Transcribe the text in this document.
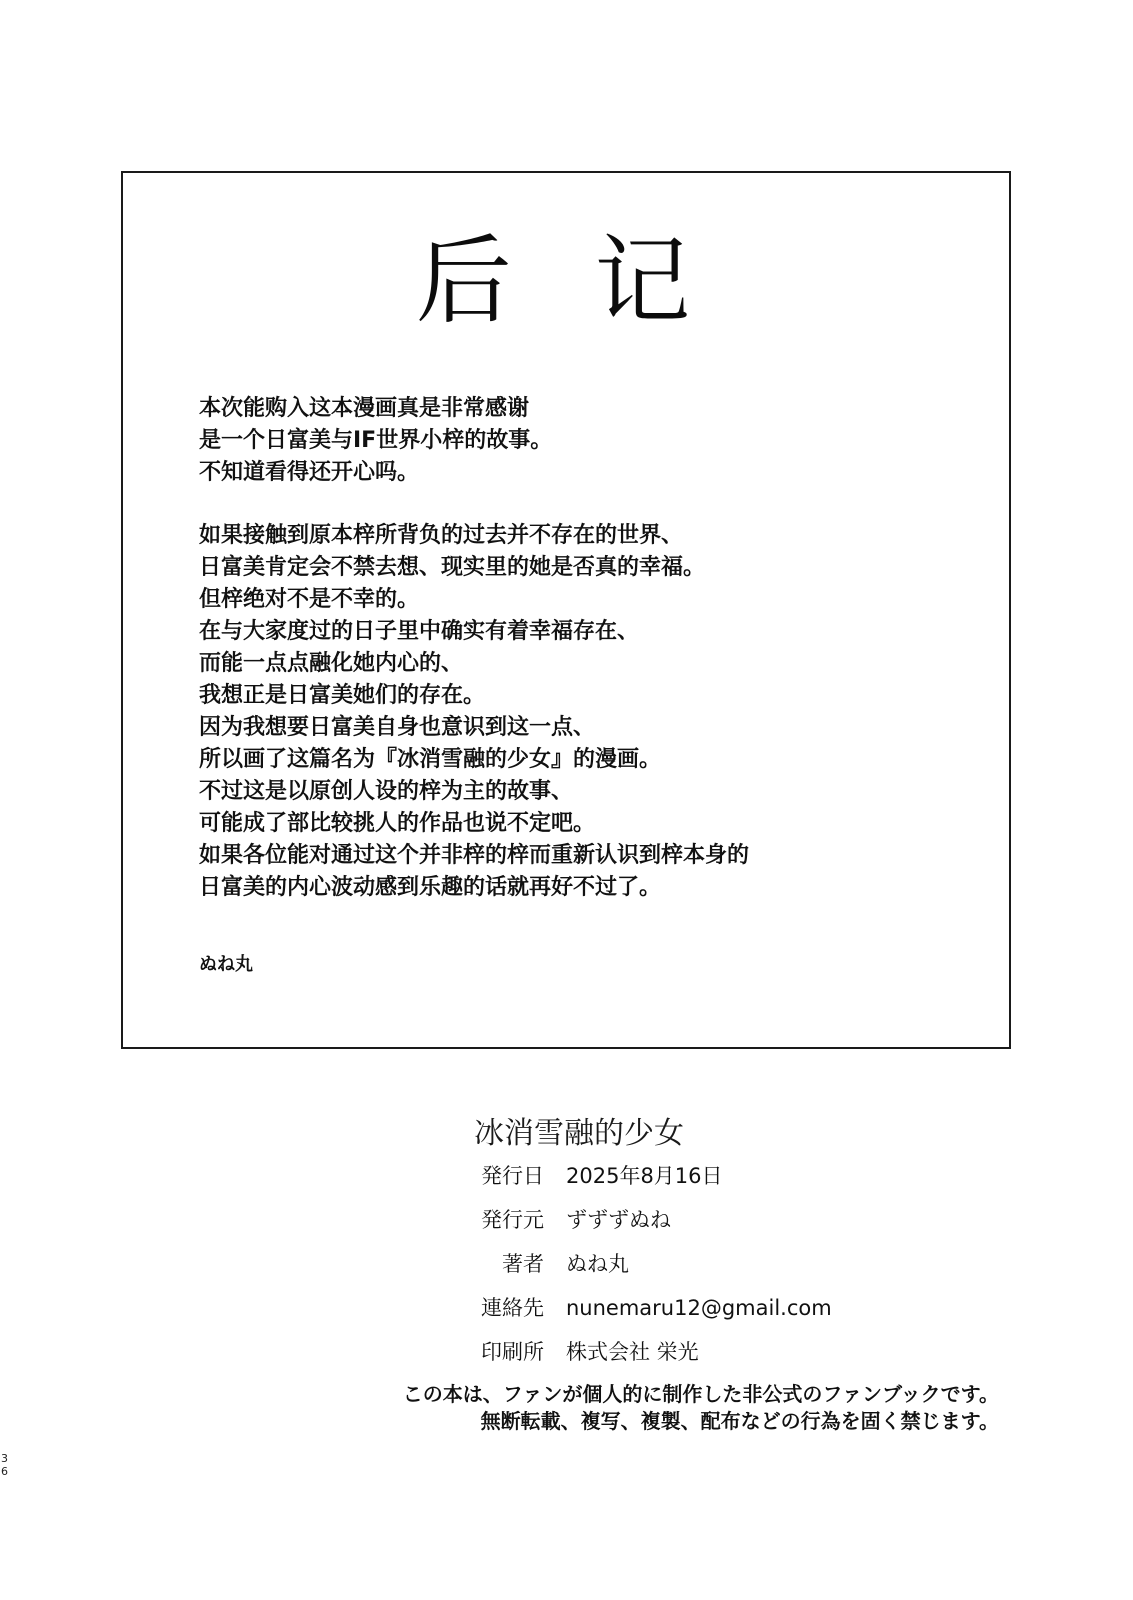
后 记
本次能购入这本漫画真是非常感谢
是一个日富美与IF世界小梓的故事。
不知道看得还开心吗。
如果接触到原本梓所背负的过去并不存在的世界、
日富美肯定会不禁去想、现实里的她是否真的幸福。
但梓绝对不是不幸的。
在与大家度过的日子里中确实有着幸福存在、
而能一点点融化她内心的、
我想正是日富美她们的存在。
因为我想要日富美自身也意识到这一点、
所以画了这篇名为『冰消雪融的少女』的漫画。
不过这是以原创人设的梓为主的故事、
可能成了部比较挑人的作品也说不定吧。
如果各位能对通过这个并非梓的梓而重新认识到梓本身的
日富美的内心波动感到乐趣的话就再好不过了。
ぬね丸
冰消雪融的少女
発行日 2025年8月16日
発行元 ずずずぬね
著者 ぬね丸
連絡先 nunemaru12@gmail.com
印刷所 株式会社 栄光
この本は、ファンが個人的に制作した非公式のファンブックです。
無断転載、複写、複製、配布などの行為を固く禁じます。
36
